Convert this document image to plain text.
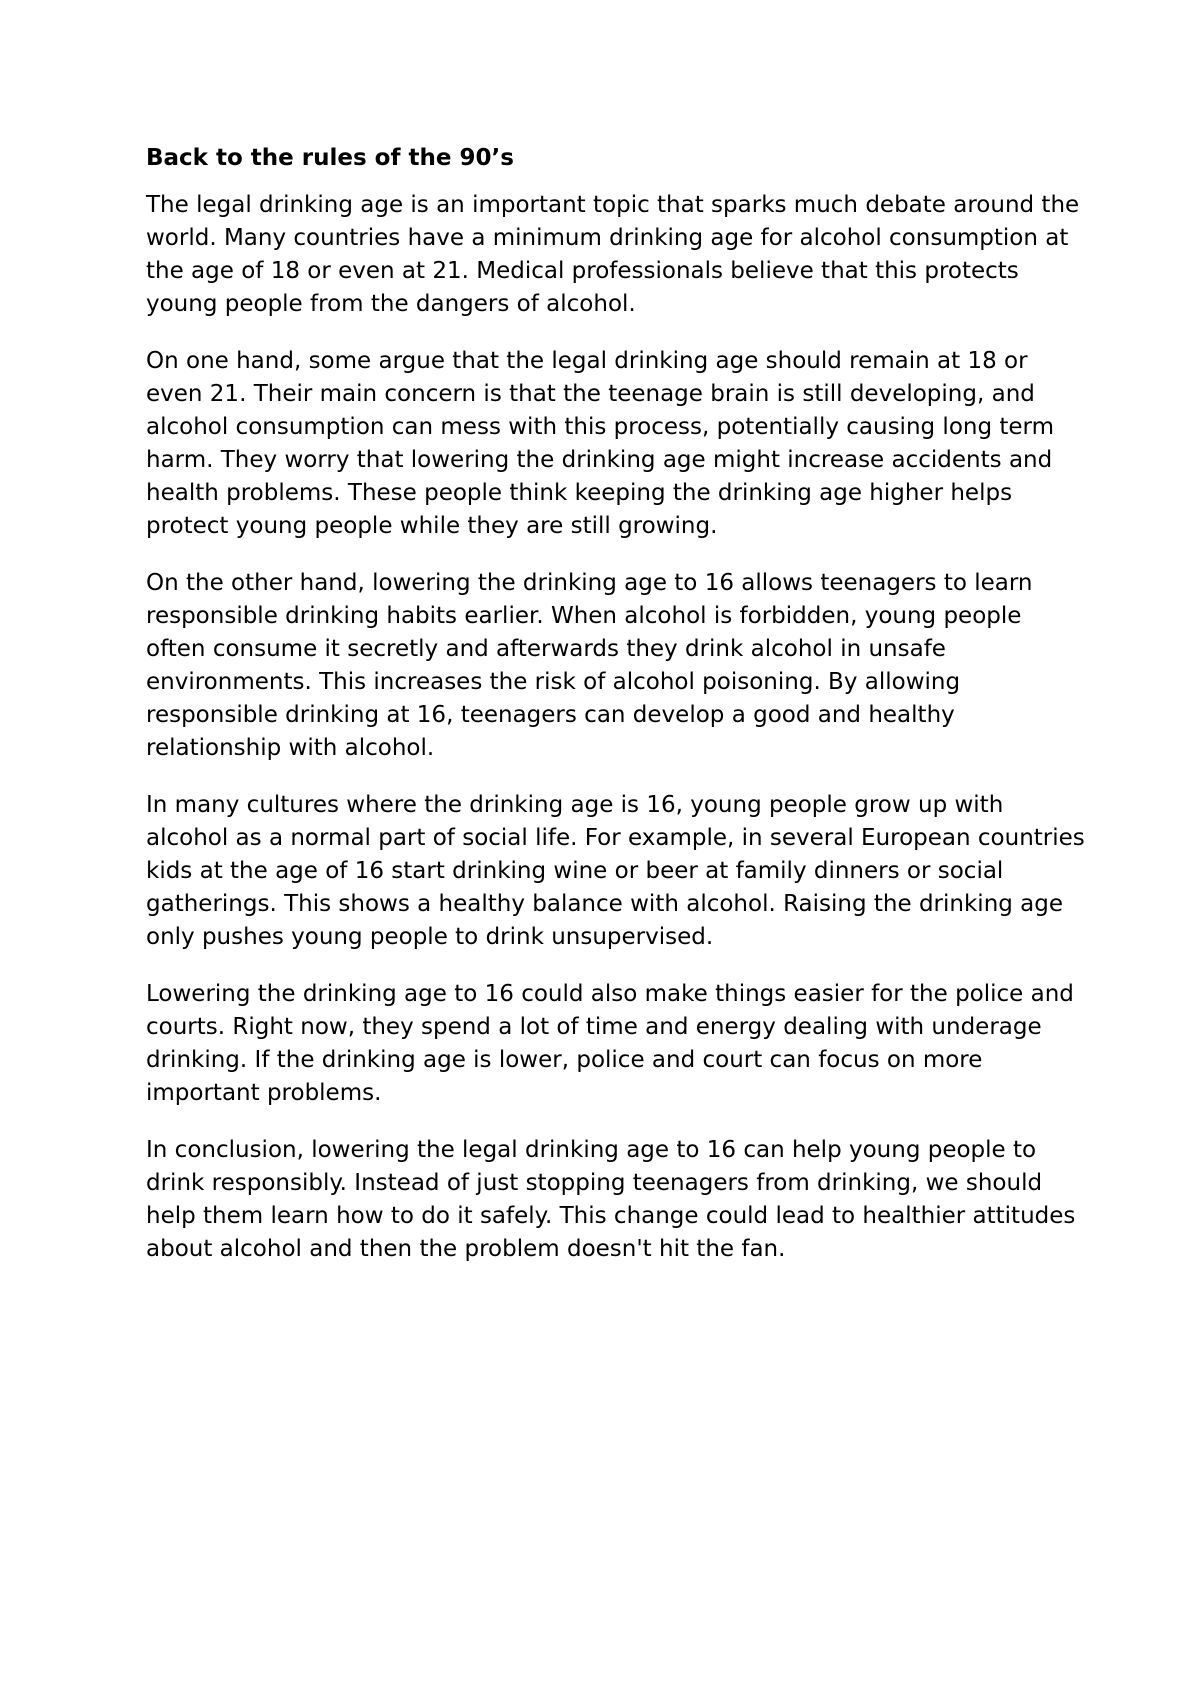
Back to the rules of the 90’s

The legal drinking age is an important topic that sparks much debate around the world. Many countries have a minimum drinking age for alcohol consumption at the age of 18 or even at 21. Medical professionals believe that this protects young people from the dangers of alcohol.

On one hand, some argue that the legal drinking age should remain at 18 or even 21. Their main concern is that the teenage brain is still developing, and alcohol consumption can mess with this process, potentially causing long term harm. They worry that lowering the drinking age might increase accidents and health problems. These people think keeping the drinking age higher helps protect young people while they are still growing.

On the other hand, lowering the drinking age to 16 allows teenagers to learn responsible drinking habits earlier. When alcohol is forbidden, young people often consume it secretly and afterwards they drink alcohol in unsafe environments. This increases the risk of alcohol poisoning. By allowing responsible drinking at 16, teenagers can develop a good and healthy relationship with alcohol.

In many cultures where the drinking age is 16, young people grow up with alcohol as a normal part of social life. For example, in several European countries kids at the age of 16 start drinking wine or beer at family dinners or social gatherings. This shows a healthy balance with alcohol. Raising the drinking age only pushes young people to drink unsupervised.

Lowering the drinking age to 16 could also make things easier for the police and courts. Right now, they spend a lot of time and energy dealing with underage drinking. If the drinking age is lower, police and court can focus on more important problems.

In conclusion, lowering the legal drinking age to 16 can help young people to drink responsibly. Instead of just stopping teenagers from drinking, we should help them learn how to do it safely. This change could lead to healthier attitudes about alcohol and then the problem doesn't hit the fan.
